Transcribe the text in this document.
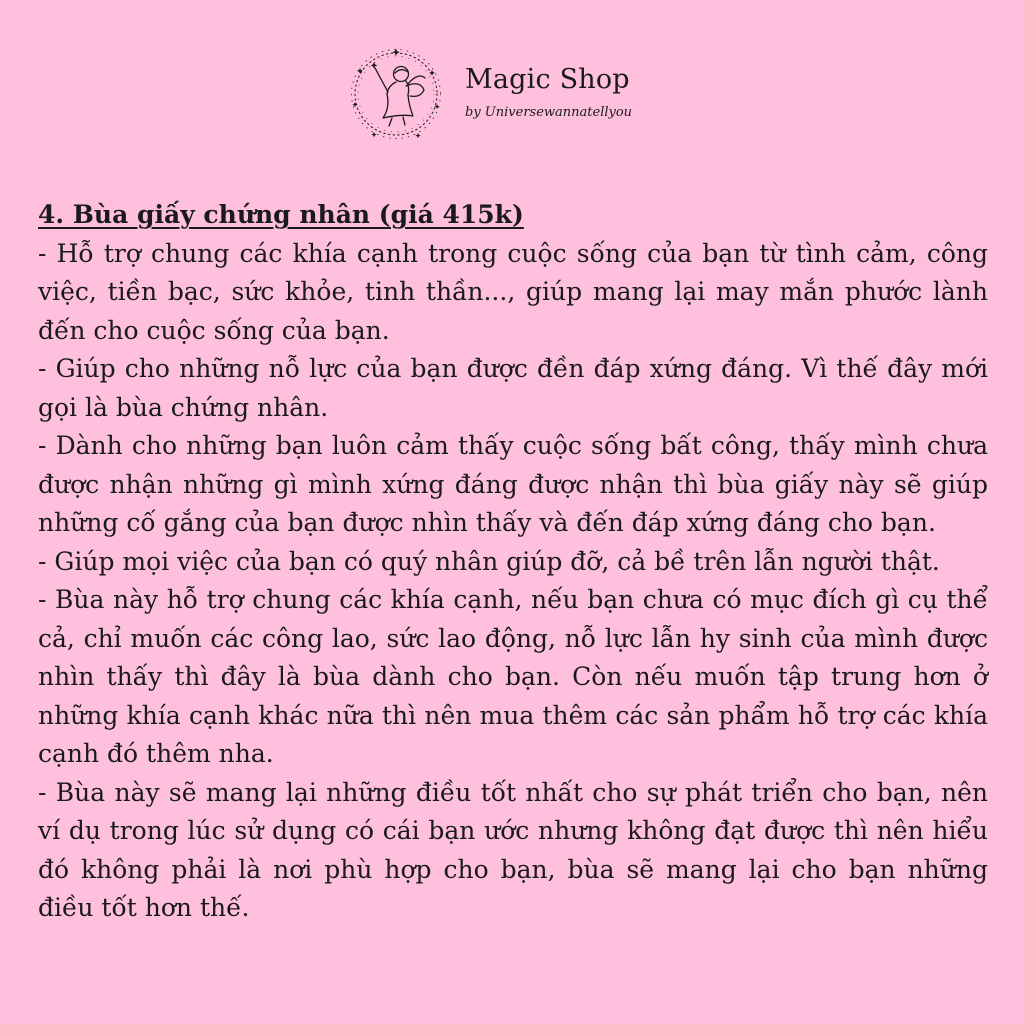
Magic Shop
by Universewannatellyou
4. Bùa giấy chứng nhân (giá 415k)

- Hỗ trợ chung các khía cạnh trong cuộc sống của bạn từ tình cảm, công việc, tiền bạc, sức khỏe, tinh thần..., giúp mang lại may mắn phước lành đến cho cuộc sống của bạn.

- Giúp cho những nỗ lực của bạn được đền đáp xứng đáng. Vì thế đây mới gọi là bùa chứng nhân.

- Dành cho những bạn luôn cảm thấy cuộc sống bất công, thấy mình chưa được nhận những gì mình xứng đáng được nhận thì bùa giấy này sẽ giúp những cố gắng của bạn được nhìn thấy và đến đáp xứng đáng cho bạn.

- Giúp mọi việc của bạn có quý nhân giúp đỡ, cả bề trên lẫn người thật.

- Bùa này hỗ trợ chung các khía cạnh, nếu bạn chưa có mục đích gì cụ thể cả, chỉ muốn các công lao, sức lao động, nỗ lực lẫn hy sinh của mình được nhìn thấy thì đây là bùa dành cho bạn. Còn nếu muốn tập trung hơn ở những khía cạnh khác nữa thì nên mua thêm các sản phẩm hỗ trợ các khía cạnh đó thêm nha.

- Bùa này sẽ mang lại những điều tốt nhất cho sự phát triển cho bạn, nên ví dụ trong lúc sử dụng có cái bạn ước nhưng không đạt được thì nên hiểu đó không phải là nơi phù hợp cho bạn, bùa sẽ mang lại cho bạn những điều tốt hơn thế.
